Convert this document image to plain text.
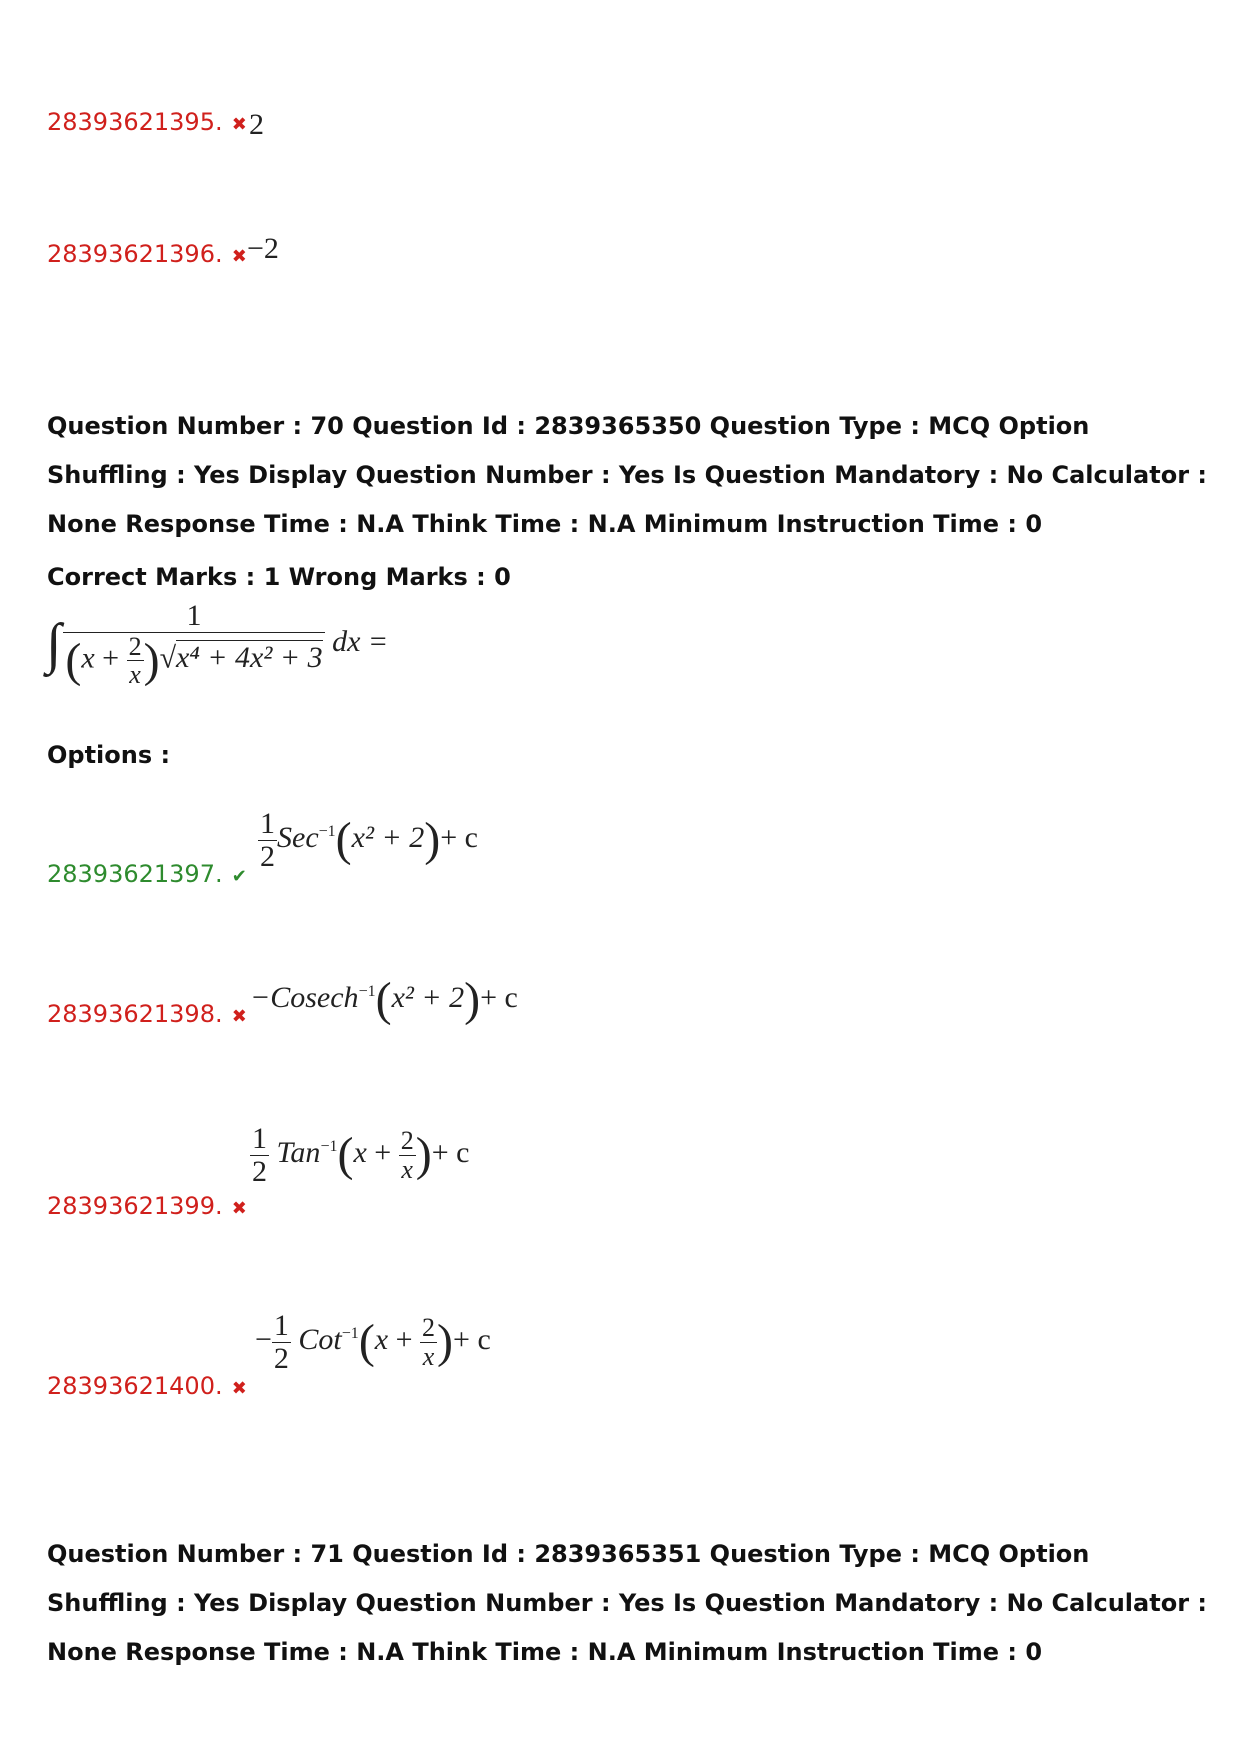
28393621395. ✖ 2
28393621396. ✖ −2
Question Number : 70 Question Id : 2839365350 Question Type : MCQ Option Shuffling : Yes Display Question Number : Yes Is Question Mandatory : No Calculator : None Response Time : N.A Think Time : N.A Minimum Instruction Time : 0
Correct Marks : 1 Wrong Marks : 0
∫ $\frac{1}{(x + \frac{2}{x} )√x^4 + 4x^2 + 3}$ dx =
Options :
28393621397. ✔
$\frac{1}{2} Sec^{-1}(x^2 + 2)+ c$
28393621398. ✖
−Cosech$^{-1}$(x² + 2)+ c
28393621399. ✖
$\frac{1}{2} Tan^{-1}(x + \frac{2}{x}$ )+ c
28393621400. ✖
− $\frac{1}{2} Cot^{-1}(x + \frac{2}{x}$ )+ c
Question Number : 71 Question Id : 2839365351 Question Type : MCQ Option Shuffling : Yes Display Question Number : Yes Is Question Mandatory : No Calculator : None Response Time : N.A Think Time : N.A Minimum Instruction Time : 0
